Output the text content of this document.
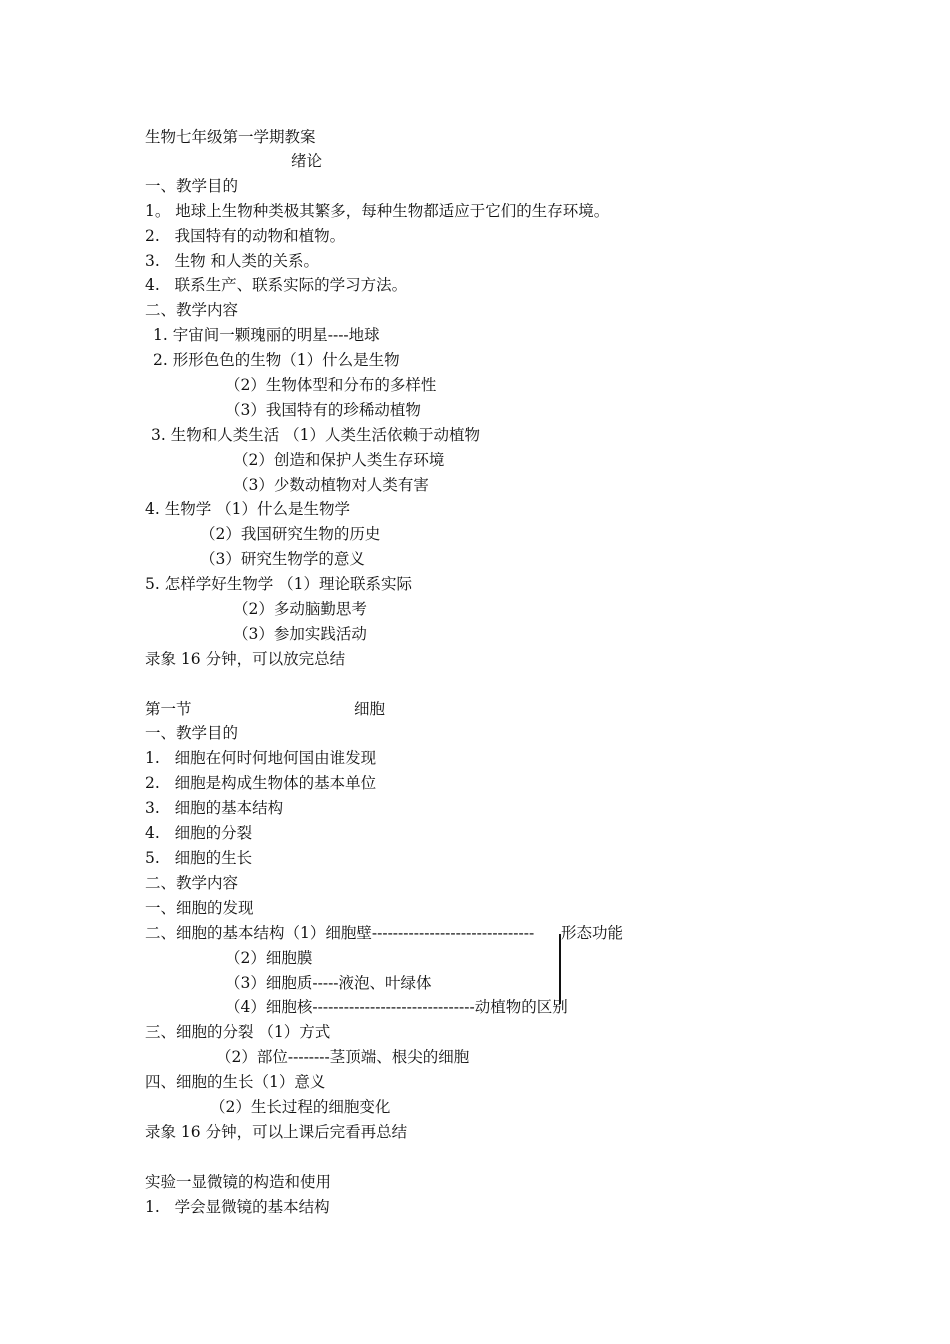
生物七年级第一学期教案
绪论
一、教学目的
1。 地球上生物种类极其繁多，每种生物都适应于它们的生存环境。
2.   我国特有的动物和植物。
3.   生物 和人类的关系。
4.   联系生产、联系实际的学习方法。
二、教学内容
1. 宇宙间一颗瑰丽的明星----地球
2. 形形色色的生物（1）什么是生物
（2）生物体型和分布的多样性
（3）我国特有的珍稀动植物
3. 生物和人类生活 （1）人类生活依赖于动植物
（2）创造和保护人类生存环境
（3）少数动植物对人类有害
4. 生物学 （1）什么是生物学
（2）我国研究生物的历史
（3）研究生物学的意义
5. 怎样学好生物学 （1）理论联系实际
（2）多动脑勤思考
（3）参加实践活动
录象 16 分钟，可以放完总结
第一节	细胞
一、教学目的
1.   细胞在何时何地何国由谁发现
2.   细胞是构成生物体的基本单位
3.   细胞的基本结构
4.   细胞的分裂
5.   细胞的生长
二、教学内容
一、细胞的发现
二、细胞的基本结构（1）细胞壁------------------------------- 形态功能
（2）细胞膜
（3）细胞质-----液泡、叶绿体
（4）细胞核-------------------------------动植物的区别
三、细胞的分裂 （1）方式
（2）部位--------茎顶端、根尖的细胞
四、细胞的生长（1）意义
（2）生长过程的细胞变化
录象 16 分钟，可以上课后完看再总结
实验一显微镜的构造和使用
1.   学会显微镜的基本结构
